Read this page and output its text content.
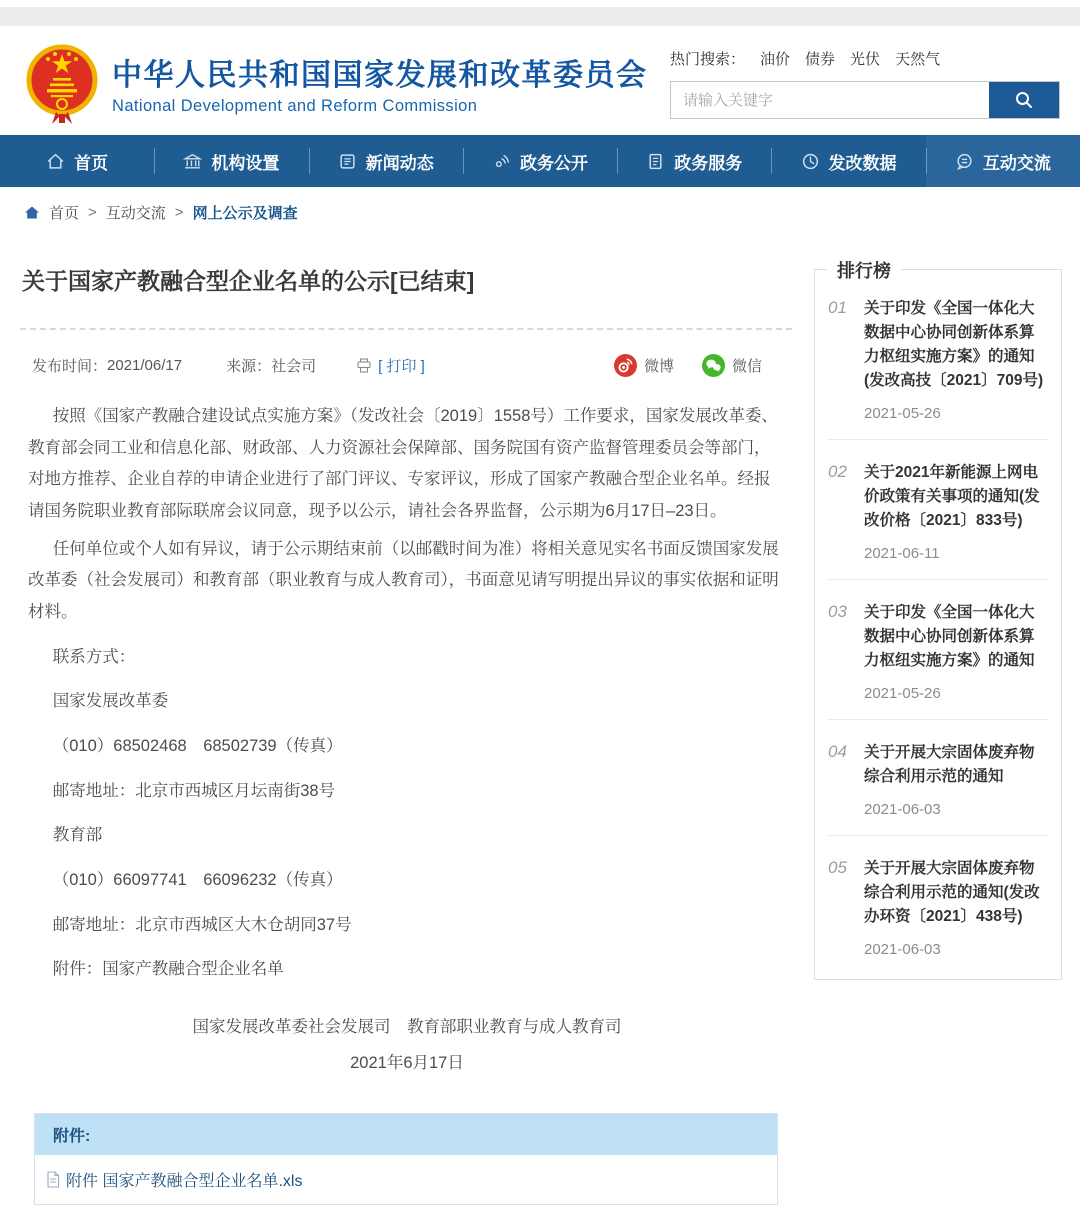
中华人民共和国国家发展和改革委员会
National Development and Reform Commission
热门搜索： 油价 债券 光伏 天然气
请输入关键字
首页	机构设置	新闻动态	政务公开	政务服务	发改数据	互动交流
首页 > 互动交流 > 网上公示及调查
关于国家产教融合型企业名单的公示[已结束]
发布时间： 2021/06/17	来源： 社会司	[ 打印 ]	微博	微信

按照《国家产教融合建设试点实施方案》（发改社会〔2019〕1558号）工作要求，国家发展改革委、教育部会同工业和信息化部、财政部、人力资源社会保障部、国务院国有资产监督管理委员会等部门，对地方推荐、企业自荐的申请企业进行了部门评议、专家评议，形成了国家产教融合型企业名单。经报请国务院职业教育部际联席会议同意，现予以公示，请社会各界监督，公示期为6月17日–23日。

任何单位或个人如有异议，请于公示期结束前（以邮戳时间为准）将相关意见实名书面反馈国家发展改革委（社会发展司）和教育部（职业教育与成人教育司），书面意见请写明提出异议的事实依据和证明材料。

联系方式：

国家发展改革委

（010）68502468　68502739（传真）

邮寄地址：北京市西城区月坛南街38号

教育部

（010）66097741　66096232（传真）

邮寄地址：北京市西城区大木仓胡同37号

附件：国家产教融合型企业名单

国家发展改革委社会发展司　教育部职业教育与成人教育司

2021年6月17日

附件:
附件 国家产教融合型企业名单.xls
排行榜
01	关于印发《全国一体化大数据中心协同创新体系算力枢纽实施方案》的通知(发改高技〔2021〕709号)
2021-05-26
02	关于2021年新能源上网电价政策有关事项的通知(发改价格〔2021〕833号)
2021-06-11
03	关于印发《全国一体化大数据中心协同创新体系算力枢纽实施方案》的通知
2021-05-26
04	关于开展大宗固体废弃物综合利用示范的通知
2021-06-03
05	关于开展大宗固体废弃物综合利用示范的通知(发改办环资〔2021〕438号)
2021-06-03
